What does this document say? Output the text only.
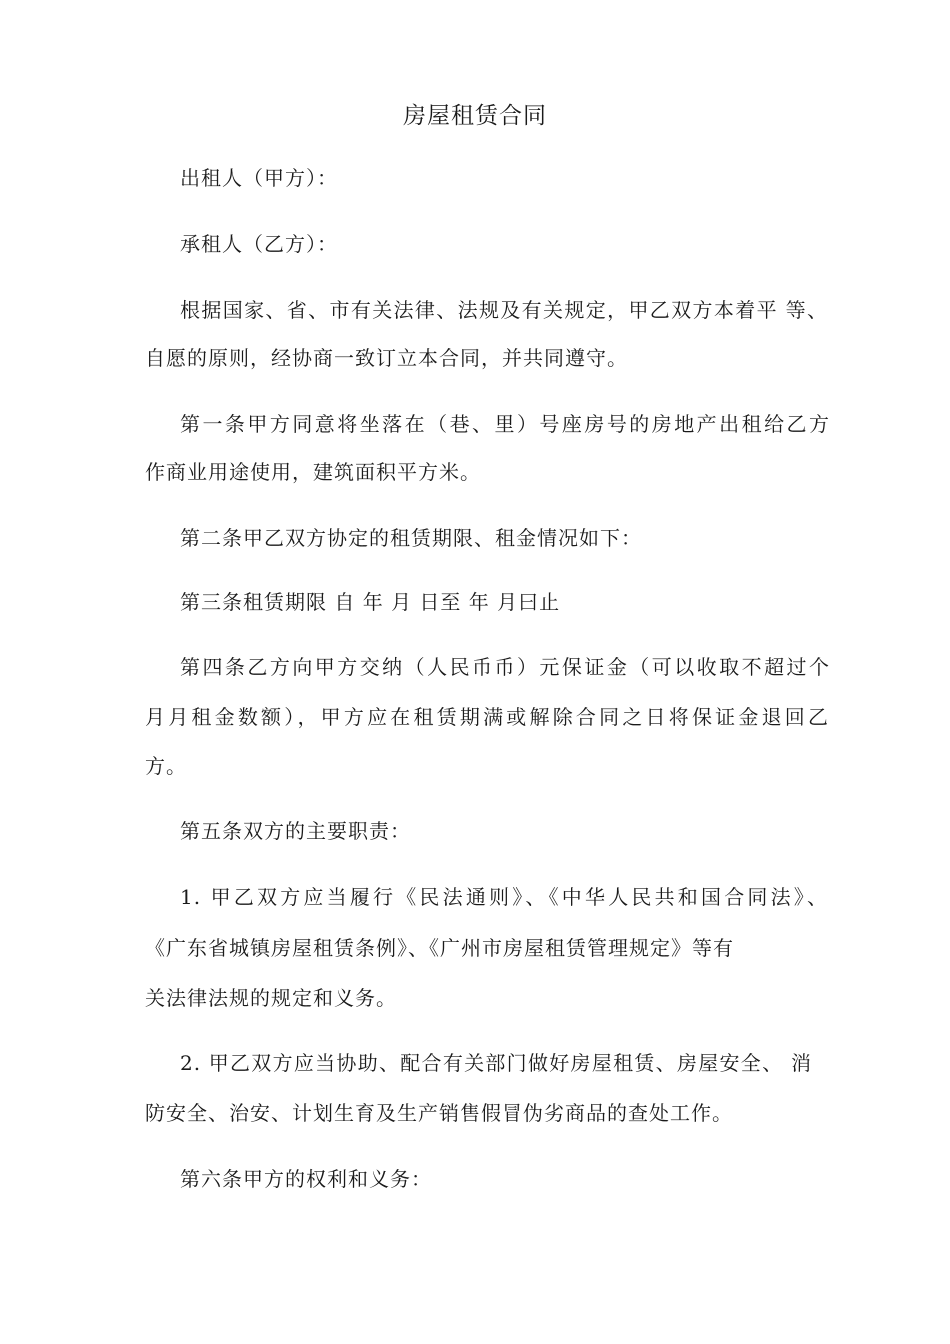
房屋租赁合同
出租人（甲方）：
承租人（乙方）：
根据国家、省、市有关法律、法规及有关规定，甲乙双方本着平 等、
自愿的原则，经协商一致订立本合同，并共同遵守。
第一条甲方同意将坐落在（巷、里）号座房号的房地产出租给乙方
作商业用途使用，建筑面积平方米。
第二条甲乙双方协定的租赁期限、租金情况如下：
第三条租赁期限 自 年 月 日至 年 月曰止
第四条乙方向甲方交纳（人民币币）元保证金（可以收取不超过个
月月租金数额），甲方应在租赁期满或解除合同之日将保证金退回乙
方。
第五条双方的主要职责：
1. 甲乙双方应当履行《民法通则》、《中华人民共和国合同法》、
《广东省城镇房屋租赁条例》、《广州市房屋租赁管理规定》等有
关法律法规的规定和义务。
2. 甲乙双方应当协助、配合有关部门做好房屋租赁、房屋安全、 消
防安全、治安、计划生育及生产销售假冒伪劣商品的查处工作。
第六条甲方的权利和义务：
